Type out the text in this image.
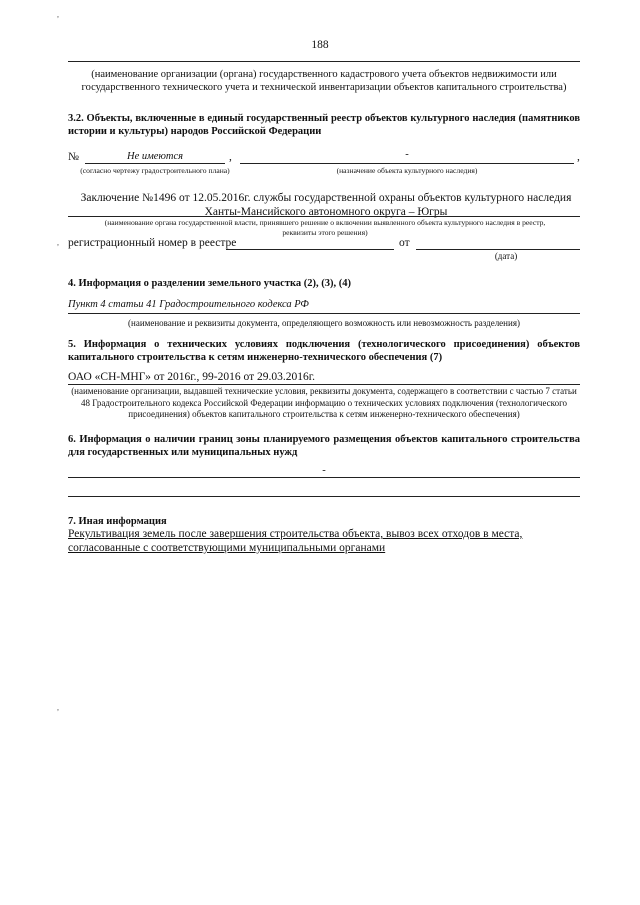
,
,
,
188
(наименование организации (органа) государственного кадастрового учета объектов недвижимости или государственного технического учета и технической инвентаризации объектов капитального строительства)
3.2. Объекты, включенные в единый государственный реестр объектов культурного наследия (памятников истории и культуры) народов Российской Федерации
№	Не имеются	,	-	,
(согласно чертежу градостроительного плана)	(назначение объекта культурного наследия)
Заключение №1496 от 12.05.2016г. службы государственной охраны объектов культурного наследия Ханты-Мансийского автономного округа – Югры
(наименование органа государственной власти, принявшего решение о включении выявленного объекта культурного наследия в реестр, реквизиты этого решения)
регистрационный номер в реестре	от
(дата)
4. Информация о разделении земельного участка (2), (3), (4)
Пункт 4 статьи 41 Градостроительного кодекса РФ
(наименование и реквизиты документа, определяющего возможность или невозможность разделения)
5. Информация о технических условиях подключения (технологического присоединения) объектов капитального строительства к сетям инженерно-технического обеспечения (7)
ОАО «СН-МНГ» от 2016г., 99-2016 от 29.03.2016г.
(наименование организации, выдавшей технические условия, реквизиты документа, содержащего в соответствии с частью 7 статьи 48 Градостроительного кодекса Российской Федерации информацию о технических условиях подключения (технологического присоединения) объектов капитального строительства к сетям инженерно-технического обеспечения)
6. Информация о наличии границ зоны планируемого размещения объектов капитального строительства для государственных или муниципальных нужд
-
7. Иная информация
Рекультивация земель после завершения строительства объекта, вывоз всех отходов в места, согласованные с соответствующими муниципальными органами
